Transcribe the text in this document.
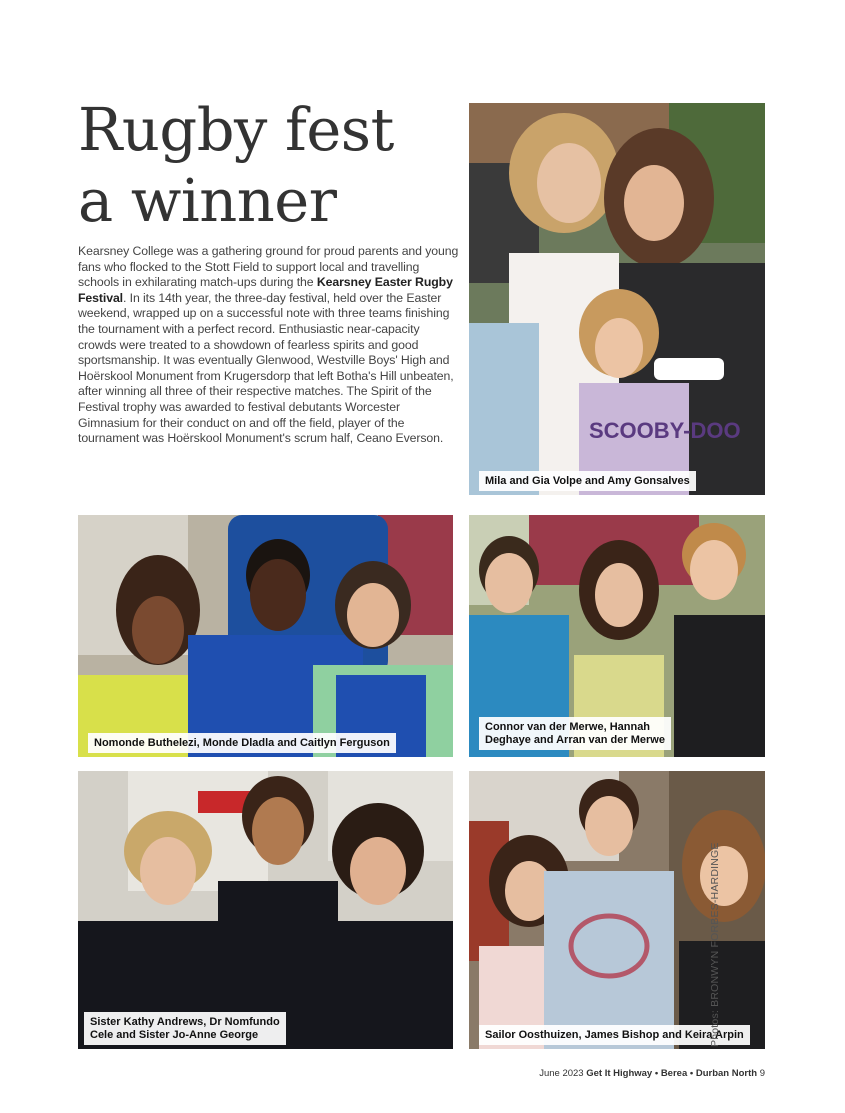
Rugby fest
a winner

Kearsney College was a gathering ground for proud parents and young fans who flocked to the Stott Field to support local and travelling schools in exhilarating match-ups during the Kearsney Easter Rugby Festival. In its 14th year, the three-day festival, held over the Easter weekend, wrapped up on a successful note with three teams finishing the tournament with a perfect record. Enthusiastic near-capacity crowds were treated to a showdown of fearless spirits and good sportsmanship. It was eventually Glenwood, Westville Boys' High and Hoërskool Monument from Krugersdorp that left Botha's Hill unbeaten, after winning all three of their respective matches. The Spirit of the Festival trophy was awarded to festival debutants Worcester Gimnasium for their conduct on and off the field, player of the tournament was Hoërskool Monument's scrum half, Ceano Everson.	SCOOBY-DOO
Mila and Gia Volpe and Amy Gonsalves
Nomonde Buthelezi, Monde Dladla and Caitlyn Ferguson
Connor van der Merwe, Hannah
Deghaye and Arran van der Merwe
Sister Kathy Andrews, Dr Nomfundo
Cele and Sister Jo-Anne George	Sailor Oosthuizen, James Bishop and Keira Arpin
Photos: BRONWYN FORBES-HARDINGE
June 2023 Get It Highway • Berea • Durban North 9
